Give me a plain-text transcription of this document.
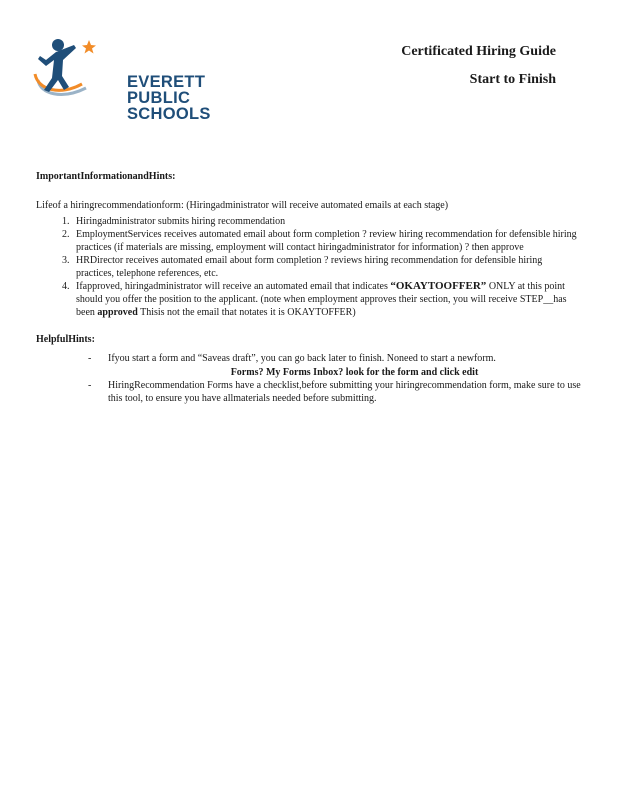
EVERETT
PUBLIC
SCHOOLS
Certificated Hiring Guide
Start to Finish
ImportantInformationandHints:
Lifeof a hiringrecommendationform: (Hiringadministrator will receive automated emails at each stage)
1. Hiringadministrator submits hiring recommendation
2. EmploymentServices receives automated email about form completion ? review hiring recommendation for defensible hiring practices (if materials are missing, employment will contact hiringadministrator for information) ? then approve
3. HRDirector receives automated email about form completion ? reviews hiring recommendation for defensible hiring practices, telephone references, etc.
4. Ifapproved, hiringadministrator will receive an automated email that indicates “OKAYTOOFFER” ONLY at this point should you offer the position to the applicant. (note when employment approves their section, you will receive STEP__has been approved Thisis not the email that notates it is OKAYTOFFER)
HelpfulHints:
- Ifyou start a form and “Saveas draft”, you can go back later to finish. Noneed to start a newform.
Forms? My Forms Inbox? look for the form and click edit
- HiringRecommendation Forms have a checklist,before submitting your hiringrecommendation form, make sure to use this tool, to ensure you have allmaterials needed before submitting.
